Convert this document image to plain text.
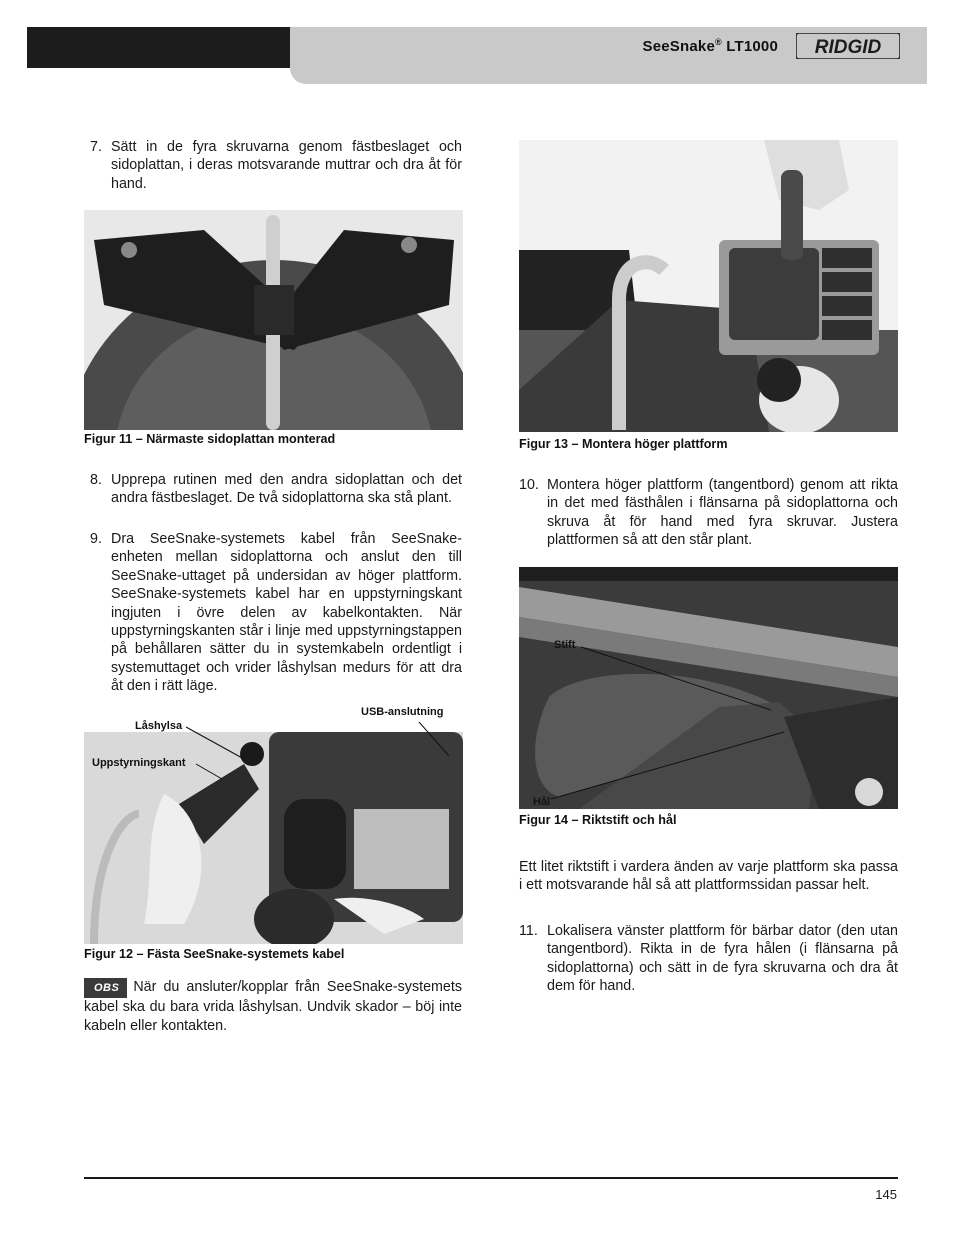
SeeSnake® LT1000 RIDGID
7. Sätt in de fyra skruvarna genom fästbeslaget och sidoplattan, i deras motsvarande muttrar och dra åt för hand.
Figur 11 – Närmaste sidoplattan monterad
8. Upprepa rutinen med den andra sidoplattan och det andra fästbeslaget. De två sidoplattorna ska stå plant.
9. Dra SeeSnake-systemets kabel från SeeSnake-enheten mellan sidoplattorna och anslut den till SeeSnake-uttaget på undersidan av höger plattform. SeeSnake-systemets kabel har en uppstyrningskant ingjuten i övre delen av kabelkontakten. När uppstyrningskanten står i linje med uppstyrningstappen på behållaren sätter du in systemkabeln ordentligt i systemuttaget och vrider låshylsan medurs för att dra åt den i rätt läge.
Låshylsa
USB-anslutning
Uppstyrningskant
Figur 12 – Fästa SeeSnake-systemets kabel
OBS När du ansluter/kopplar från SeeSnake-systemets kabel ska du bara vrida låshylsan. Undvik skador – böj inte kabeln eller kontakten.
Figur 13 – Montera höger plattform
10. Montera höger plattform (tangentbord) genom att rikta in det med fästhålen i flänsarna på sidoplattorna och skruva åt för hand med fyra skruvar. Justera plattformen så att den står plant.
Stift
Hål
Figur 14 – Riktstift och hål
Ett litet riktstift i vardera änden av varje plattform ska passa i ett motsvarande hål så att plattformssidan passar helt.
11. Lokalisera vänster plattform för bärbar dator (den utan tangentbord). Rikta in de fyra hålen (i flänsarna på sidoplattorna) och sätt in de fyra skruvarna och dra åt dem för hand.
145
